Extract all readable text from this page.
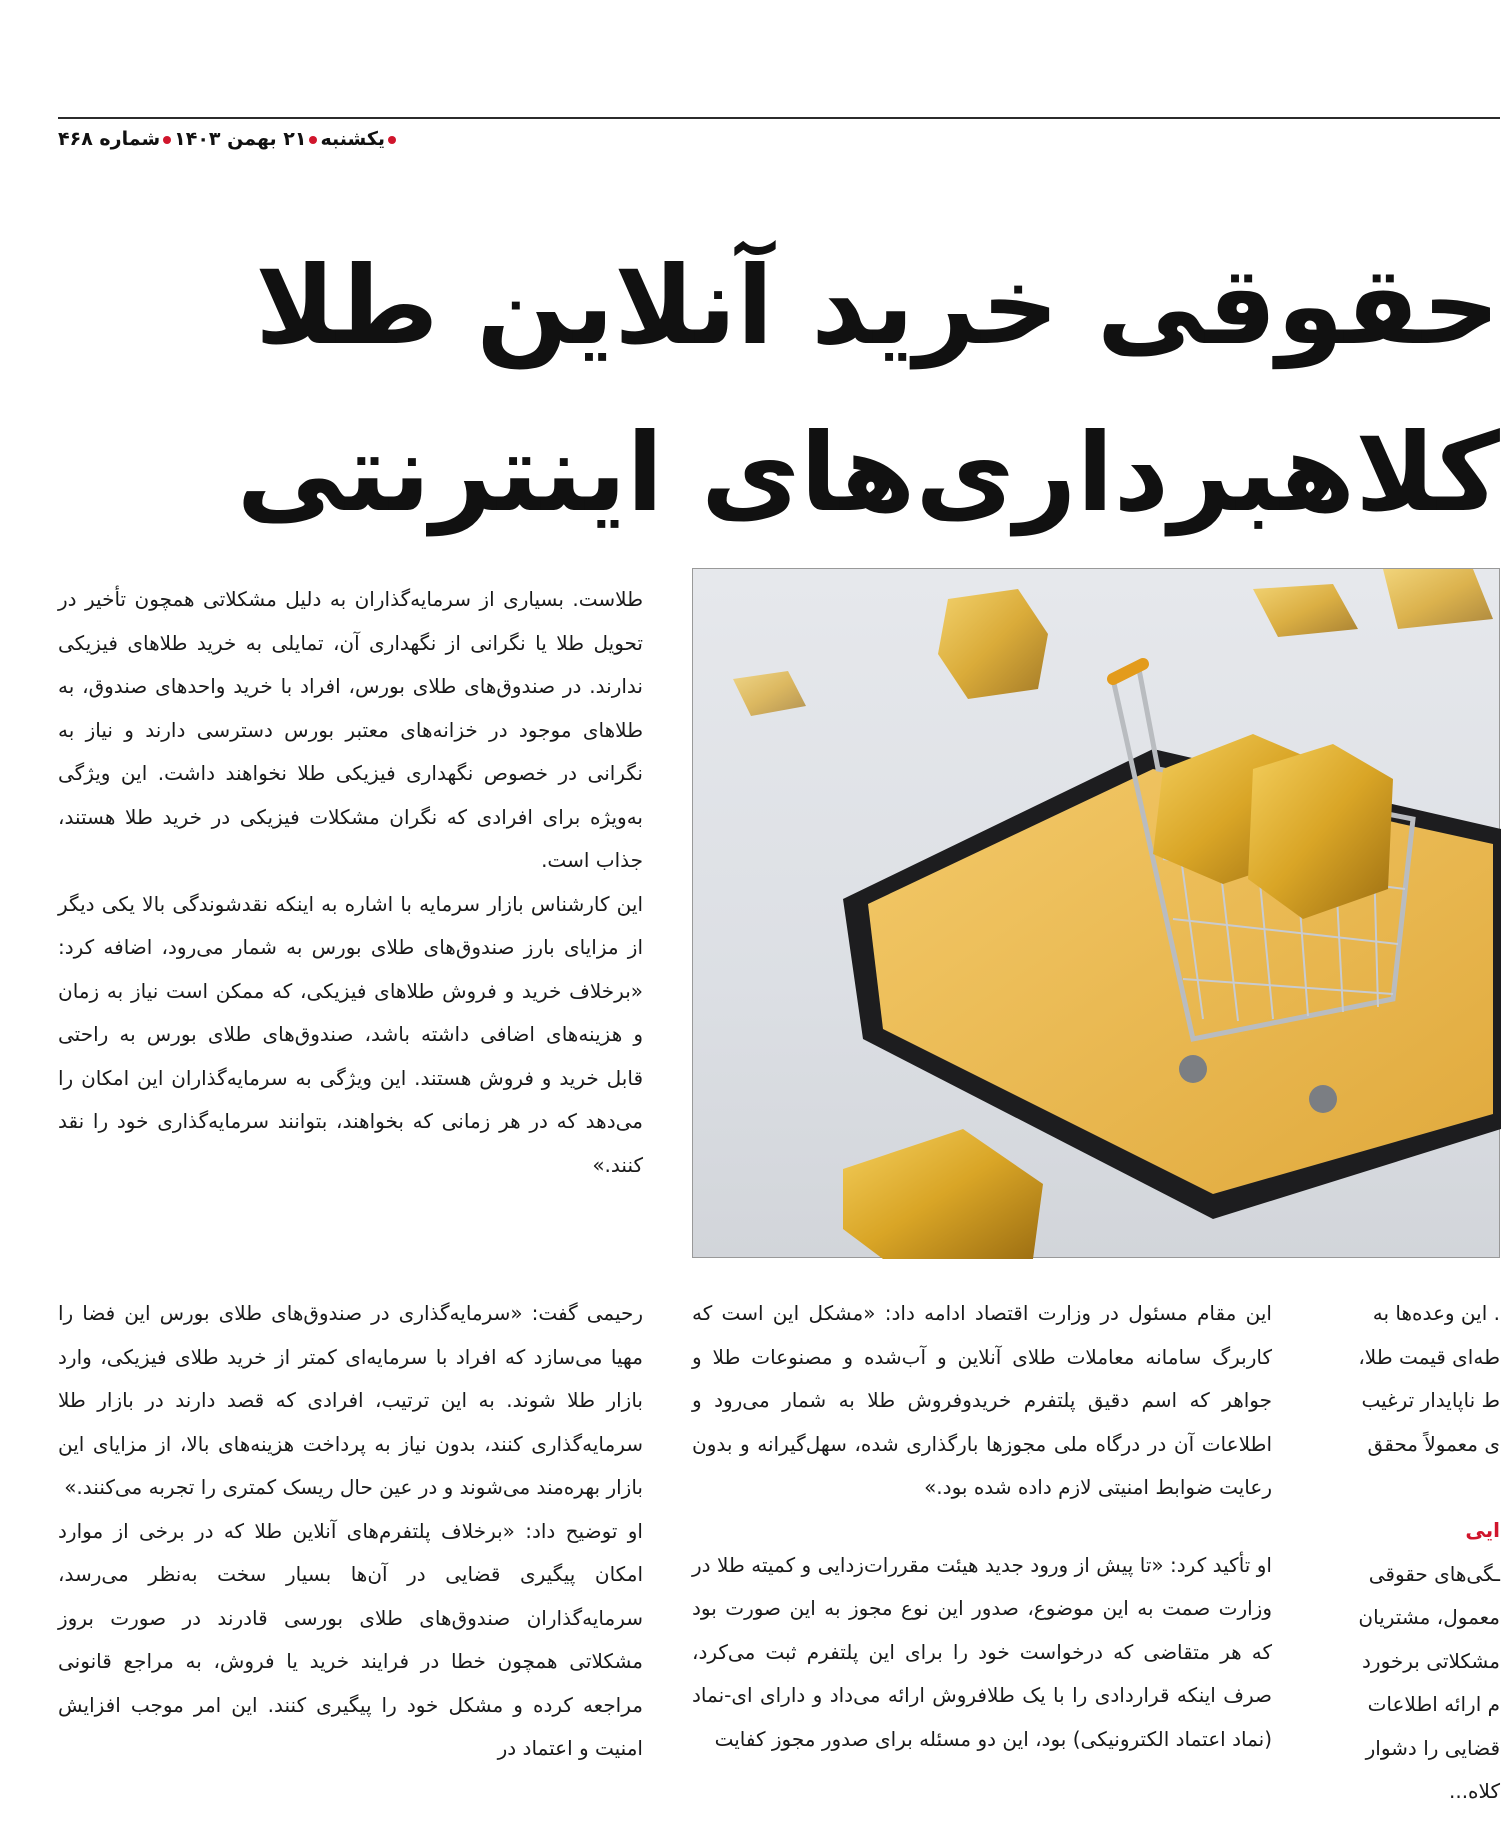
یکشنبه۲۱ بهمن ۱۴۰۳شماره ۴۶۸
حقوقی خرید آنلاین طلا
کلاهبرداری‌های اینترنتی

طلاست. بسیاری از سرمایه‌گذاران به دلیل مشکلاتی همچون تأخیر در تحویل طلا یا نگرانی از نگهداری آن، تمایلی به خرید طلاهای فیزیکی ندارند. در صندوق‌های طلای بورس، افراد با خرید واحدهای صندوق، به طلاهای موجود در خزانه‌های معتبر بورس دسترسی دارند و نیاز به نگرانی در خصوص نگهداری فیزیکی طلا نخواهند داشت. این ویژگی به‌ویژه برای افرادی که نگران مشکلات فیزیکی در خرید طلا هستند، جذاب است.

این کارشناس بازار سرمایه با اشاره به اینکه نقدشوندگی بالا یکی دیگر از مزایای بارز صندوق‌های طلای بورس به شمار می‌رود، اضافه کرد: «برخلاف خرید و فروش طلاهای فیزیکی، که ممکن است نیاز به زمان و هزینه‌های اضافی داشته باشد، صندوق‌های طلای بورس به راحتی قابل خرید و فروش هستند. این ویژگی به سرمایه‌گذاران این امکان را می‌دهد که در هر زمانی که بخواهند، بتوانند سرمایه‌گذاری خود را نقد کنند.»

رحیمی گفت: «سرمایه‌گذاری در صندوق‌های طلای بورس این فضا را مهیا می‌سازد که افراد با سرمایه‌ای کمتر از خرید طلای فیزیکی، وارد بازار طلا شوند. به این ترتیب، افرادی که قصد دارند در بازار طلا سرمایه‌گذاری کنند، بدون نیاز به پرداخت هزینه‌های بالا، از مزایای این بازار بهره‌مند می‌شوند و در عین حال ریسک کمتری را تجربه می‌کنند.»

او توضیح داد: «برخلاف پلتفرم‌های آنلاین طلا که در برخی از موارد امکان پیگیری قضایی در آن‌ها بسیار سخت به‌نظر می‌رسد، سرمایه‌گذاران صندوق‌های طلای بورسی قادرند در صورت بروز مشکلاتی همچون خطا در فرایند خرید یا فروش، به مراجع قانونی مراجعه کرده و مشکل خود را پیگیری کنند. این امر موجب افزایش امنیت و اعتماد در

این مقام مسئول در وزارت اقتصاد ادامه داد: «مشکل این است که کاربرگ سامانه معاملات طلای آنلاین و آب‌شده و مصنوعات طلا و جواهر که اسم دقیق پلتفرم خریدوفروش طلا به شمار می‌رود و اطلاعات آن در درگاه ملی مجوزها بارگذاری شده، سهل‌گیرانه و بدون رعایت ضوابط امنیتی لازم داده شده بود.»

او تأکید کرد: «تا پیش از ورود جدید هیئت مقررات‌زدایی و کمیته طلا در وزارت صمت به این موضوع، صدور این نوع مجوز به این صورت بود که هر متقاضی که درخواست خود را برای این پلتفرم ثبت می‌کرد، صرف اینکه قراردادی را با یک طلافروش ارائه می‌داد و دارای ای-نماد (نماد اعتماد الکترونیکی) بود، این دو مسئله برای صدور مجوز کفایت

. این وعده‌ها به
طه‌ای قیمت طلا،
ط ناپایدار ترغیب
ی معمولاً محقق
ایی
ـگی‌های حقوقی
معمول، مشتریان
مشکلاتی برخورد
م ارائه اطلاعات
قضایی را دشوار
کلاه...
